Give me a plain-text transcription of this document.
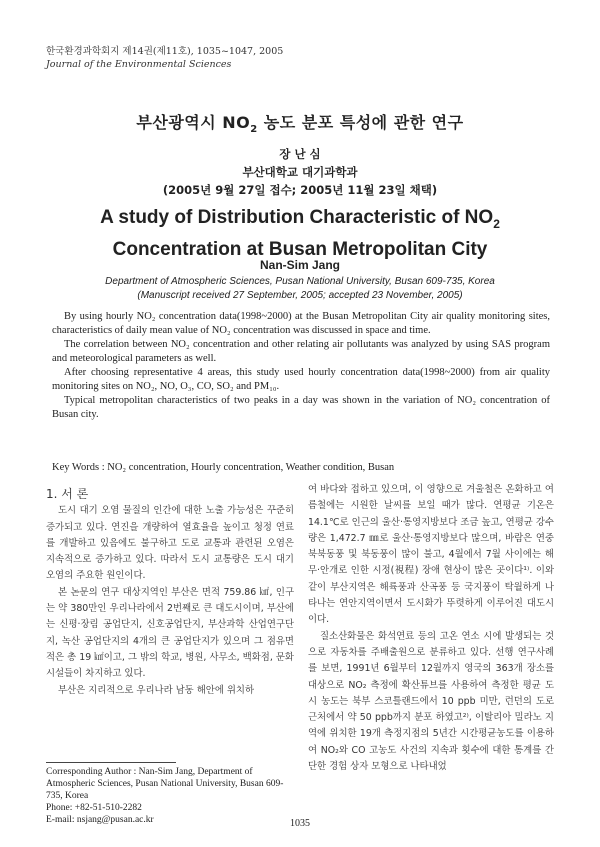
한국환경과학회지 제14권(제11호), 1035~1047, 2005
Journal of the Environmental Sciences
부산광역시 $NO_2$ 농도 분포 특성에 관한 연구
장 난 심
부산대학교 대기과학과
(2005년 9월 27일 접수; 2005년 11월 23일 채택)
A study of Distribution Characteristic of $NO_2$
Concentration at Busan Metropolitan City
Nan-Sim Jang
Department of Atmospheric Sciences, Pusan National University, Busan 609-735, Korea
(Manuscript received 27 September, 2005; accepted 23 November, 2005)

By using hourly NO₂ concentration data(1998~2000) at the Busan Metropolitan City air quality monitoring sites, characteristics of daily mean value of NO₂ concentration was discussed in space and time.

The correlation between NO₂ concentration and other relating air pollutants was analyzed by using SAS program and meteorological parameters as well.

After choosing representative 4 areas, this study used hourly concentration data(1998~2000) from air quality monitoring sites on NO₂, NO, O₃, CO, SO₂ and PM₁₀.

Typical metropolitan characteristics of two peaks in a day was shown in the variation of NO₂ concentration of Busan city.

Key Words : NO₂ concentration, Hourly concentration, Weather condition, Busan

1. 서 론

도시 대기 오염 물질의 인간에 대한 노출 가능성은 꾸준히 증가되고 있다. 연진을 개량하여 열효율을 높이고 청정 연료를 개발하고 있음에도 불구하고 도로 교통과 관련된 오염은 지속적으로 증가하고 있다. 따라서 도시 교통량은 도시 대기 오염의 주요한 원인이다.

본 논문의 연구 대상지역인 부산은 면적 759.86 ㎢, 인구는 약 380만인 우리나라에서 2번째로 큰 대도시이며, 부산에는 신평·장림 공업단지, 신호공업단지, 부산과학 산업연구단지, 녹산 공업단지의 4개의 큰 공업단지가 있으며 그 점유면적은 총 19 ㎢이고, 그 밖의 학교, 병원, 사무소, 백화점, 문화시설들이 차지하고 있다.

부산은 지리적으로 우리나라 남동 해안에 위치하

여 바다와 접하고 있으며, 이 영향으로 겨울철은 온화하고 여름철에는 시원한 날씨를 보일 때가 많다. 연평균 기온은 14.1℃로 인근의 울산·통영지방보다 조금 높고, 연평균 강수량은 1,472.7 ㎜로 울산·통영지방보다 많으며, 바람은 연중 북북동풍 및 북동풍이 많이 불고, 4월에서 7월 사이에는 해무·안개로 인한 시정(視程) 장애 현상이 많은 곳이다¹⁾. 이와 같이 부산지역은 해륙풍과 산곡풍 등 국지풍이 탁월하게 나타나는 연안지역이면서 도시화가 뚜렷하게 이루어진 대도시이다.

질소산화물은 화석연료 등의 고온 연소 시에 발생되는 것으로 자동차를 주배출원으로 분류하고 있다. 선행 연구사례를 보면, 1991년 6월부터 12월까지 영국의 363개 장소를 대상으로 NO₂ 측정에 확산튜브를 사용하여 측정한 평균 도시 농도는 북부 스코틀랜드에서 10 ppb 미만, 런던의 도로 근처에서 약 50 ppb까지 분포 하였고²⁾, 이탈리아 밀라노 지역에 위치한 19개 측정지점의 5년간 시간평균농도를 이용하여 NO₂와 CO 고농도 사건의 지속과 횟수에 대한 통계를 간단한 경험 상자 모형으로 나타내었

Corresponding Author : Nan-Sim Jang, Department of Atmospheric Sciences, Pusan National University, Busan 609-735, Korea

Phone: +82-51-510-2282

E-mail: nsjang@pusan.ac.kr	1035
